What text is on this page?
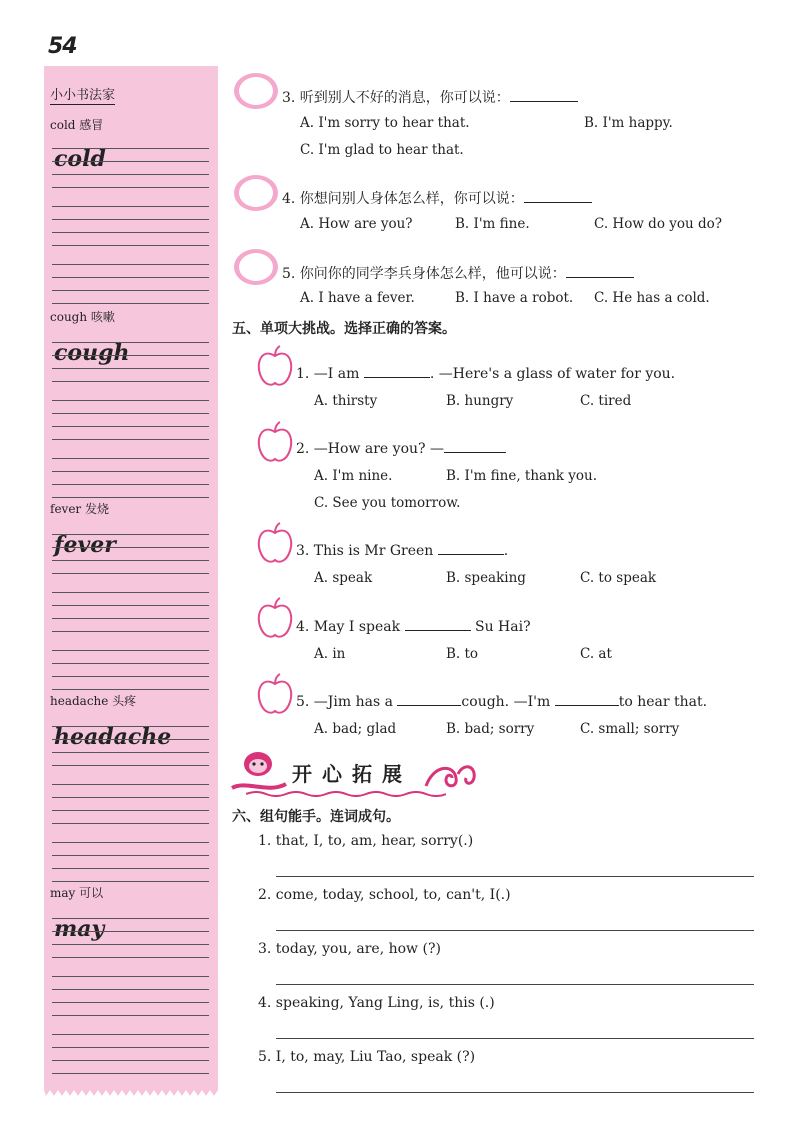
54
小小书法家
cold 感冒
cold
cough 咳嗽
cough
fever 发烧
fever
headache 头疼
headache
may 可以
may
3. 听到别人不好的消息，你可以说：
A. I'm sorry to hear that.	B. I'm happy.
C. I'm glad to hear that.
4. 你想问别人身体怎么样，你可以说：
A. How are you?	B. I'm fine.	C. How do you do?
5. 你问你的同学李兵身体怎么样，他可以说：
A. I have a fever.	B. I have a robot. C. He has a cold.
五、单项大挑战。选择正确的答案。
1. —I am	. —Here's a glass of water for you.
A. thirsty	B. hungry	C. tired
2. —How are you? —
A. I'm nine.	B. I'm fine, thank you.
C. See you tomorrow.
3. This is Mr Green	.
A. speak	B. speaking	C. to speak
4. May I speak	Su Hai?
A. in	B. to	C. at
5. —Jim has a	cough. —I'm	to hear that.
A. bad; glad	B. bad; sorry	C. small; sorry
开心拓展
六、组句能手。连词成句。
1. that, I, to, am, hear, sorry(.)
2. come, today, school, to, can't, I(.)
3. today, you, are, how (?)
4. speaking, Yang Ling, is, this (.)
5. I, to, may, Liu Tao, speak (?)
